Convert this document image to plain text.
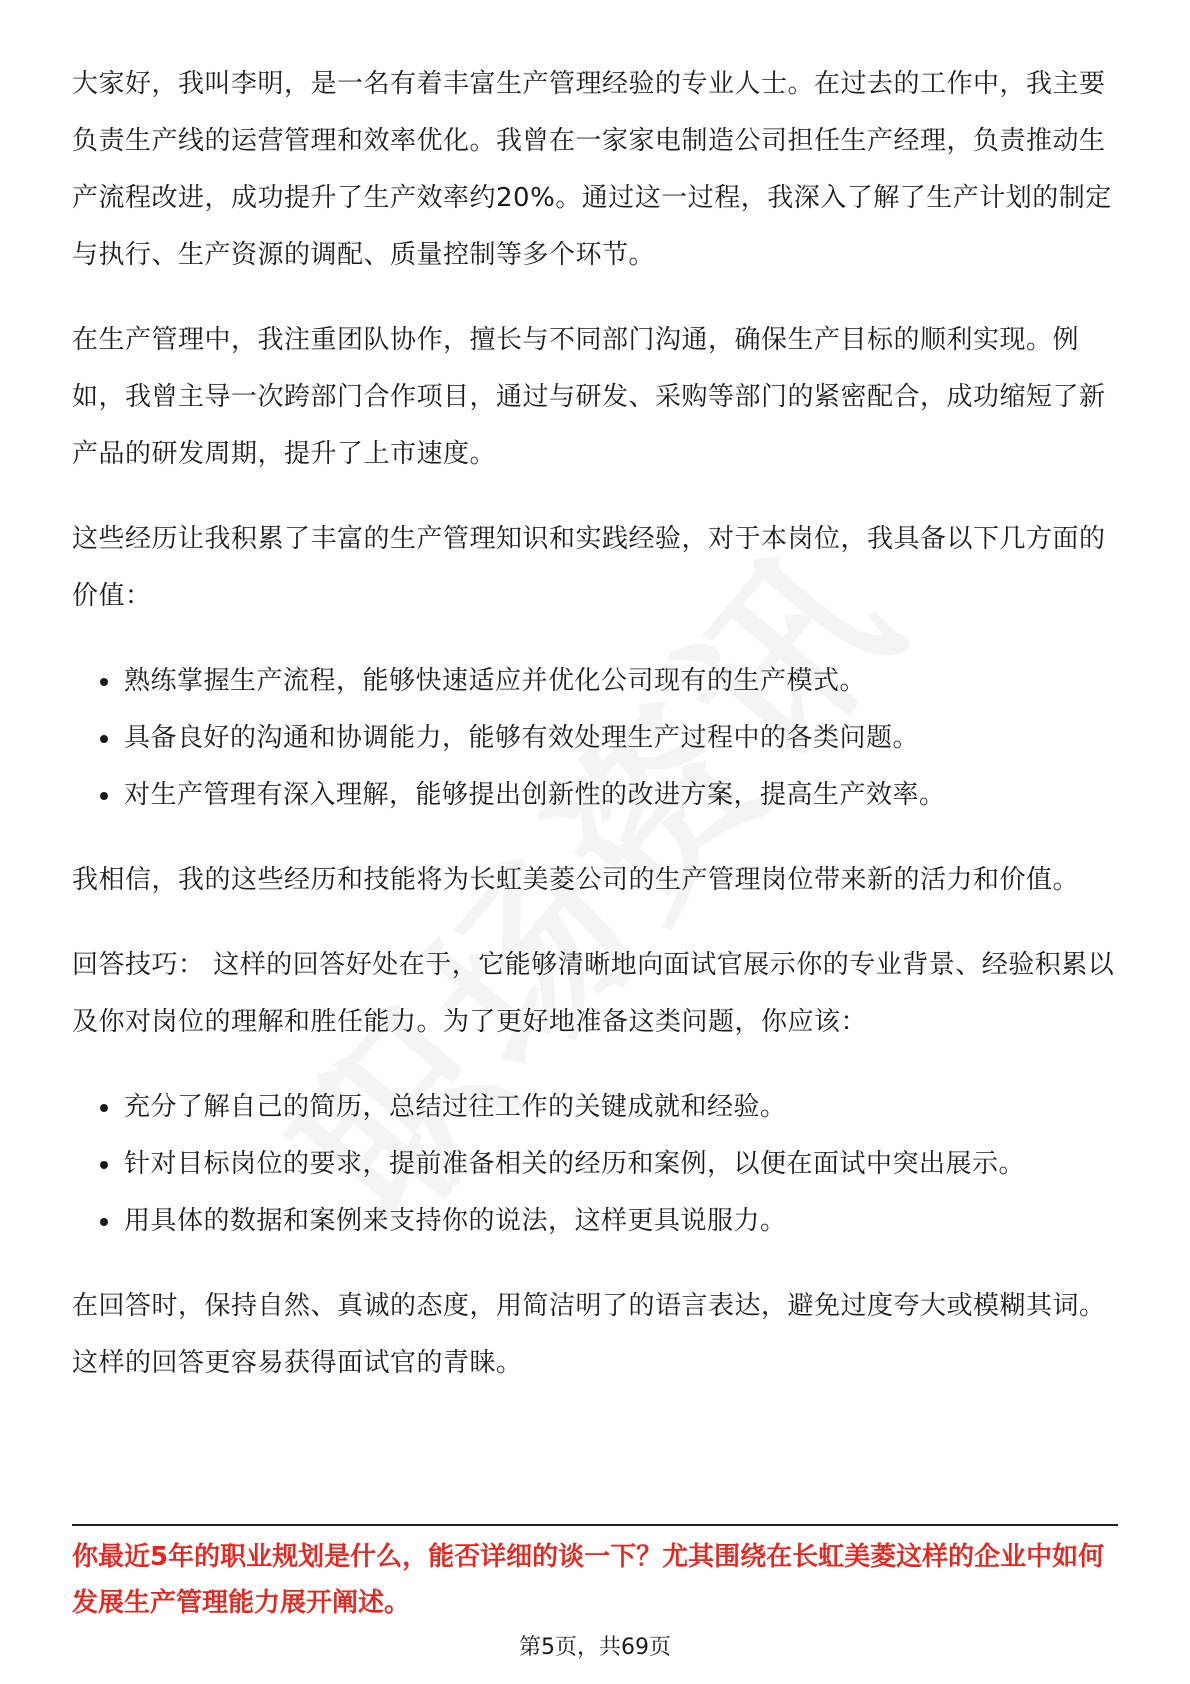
大家好，我叫李明，是一名有着丰富生产管理经验的专业人士。在过去的工作中，我主要负责生产线的运营管理和效率优化。我曾在一家家电制造公司担任生产经理，负责推动生产流程改进，成功提升了生产效率约20%。通过这一过程，我深入了解了生产计划的制定与执行、生产资源的调配、质量控制等多个环节。

在生产管理中，我注重团队协作，擅长与不同部门沟通，确保生产目标的顺利实现。例如，我曾主导一次跨部门合作项目，通过与研发、采购等部门的紧密配合，成功缩短了新产品的研发周期，提升了上市速度。

这些经历让我积累了丰富的生产管理知识和实践经验，对于本岗位，我具备以下几方面的价值：

熟练掌握生产流程，能够快速适应并优化公司现有的生产模式。
具备良好的沟通和协调能力，能够有效处理生产过程中的各类问题。
对生产管理有深入理解，能够提出创新性的改进方案，提高生产效率。

我相信，我的这些经历和技能将为长虹美菱公司的生产管理岗位带来新的活力和价值。

回答技巧： 这样的回答好处在于，它能够清晰地向面试官展示你的专业背景、经验积累以及你对岗位的理解和胜任能力。为了更好地准备这类问题，你应该：

充分了解自己的简历，总结过往工作的关键成就和经验。
针对目标岗位的要求，提前准备相关的经历和案例，以便在面试中突出展示。
用具体的数据和案例来支持你的说法，这样更具说服力。

在回答时，保持自然、真诚的态度，用简洁明了的语言表达，避免过度夸大或模糊其词。这样的回答更容易获得面试官的青睐。

你最近5年的职业规划是什么，能否详细的谈一下？尤其围绕在长虹美菱这样的企业中如何发展生产管理能力展开阐述。

第5页，共69页
